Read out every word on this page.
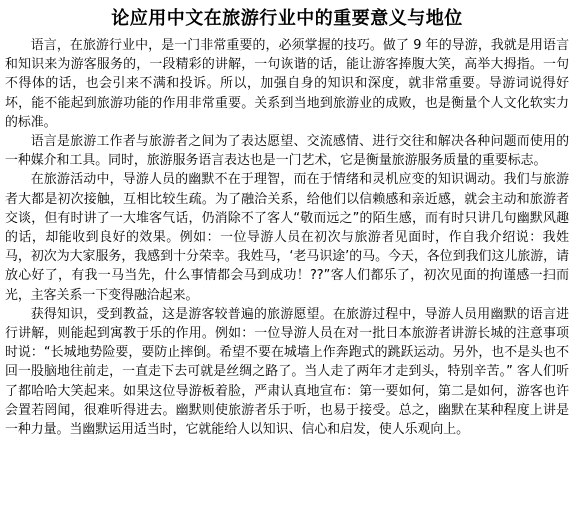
论应用中文在旅游行业中的重要意义与地位

语言，在旅游行业中，是一门非常重要的，必须掌握的技巧。做了 9 年的导游，我就是用语言和知识来为游客服务的，一段精彩的讲解，一句诙谐的话，能让游客捧腹大笑，高举大拇指。一句不得体的话，也会引来不满和投诉。所以，加强自身的知识和深度，就非常重要。导游词说得好坏，能不能起到旅游功能的作用非常重要。关系到当地到旅游业的成败，也是衡量个人文化软实力的标准。

语言是旅游工作者与旅游者之间为了表达愿望、交流感情、进行交往和解决各种问题而使用的一种媒介和工具。同时，旅游服务语言表达也是一门艺术，它是衡量旅游服务质量的重要标志。

在旅游活动中，导游人员的幽默不在于理智，而在于情绪和灵机应变的知识调动。我们与旅游者大都是初次接触，互相比较生疏。为了融洽关系，给他们以信赖感和亲近感，就会主动和旅游者交谈，但有时讲了一大堆客气话，仍消除不了客人“敬而远之”的陌生感，而有时只讲几句幽默风趣的话，却能收到良好的效果。例如：一位导游人员在初次与旅游者见面时，作自我介绍说：我姓马，初次为大家服务，我感到十分荣幸。我姓马，‘老马识途’的马。今天，各位到我们这儿旅游，请放心好了，有我一马当先，什么事情都会马到成功！??”客人们都乐了，初次见面的拘谨感一扫而光，主客关系一下变得融洽起来。

获得知识，受到教益，这是游客较普遍的旅游愿望。在旅游过程中，导游人员用幽默的语言进行讲解，则能起到寓教于乐的作用。例如：一位导游人员在对一批日本旅游者讲游长城的注意事项时说：“长城地势险要，要防止摔倒。希望不要在城墙上作奔跑式的跳跃运动。另外，也不是头也不回一股脑地往前走，一直走下去可就是丝绸之路了。当人走了两年才走到头，特别辛苦。” 客人们听了都哈哈大笑起来。如果这位导游板着脸，严肃认真地宣布：第一要如何，第二是如何，游客也许会置若罔闻，很难听得进去。幽默则使旅游者乐于听，也易于接受。总之，幽默在某种程度上讲是一种力量。当幽默运用适当时，它就能给人以知识、信心和启发，使人乐观向上。
